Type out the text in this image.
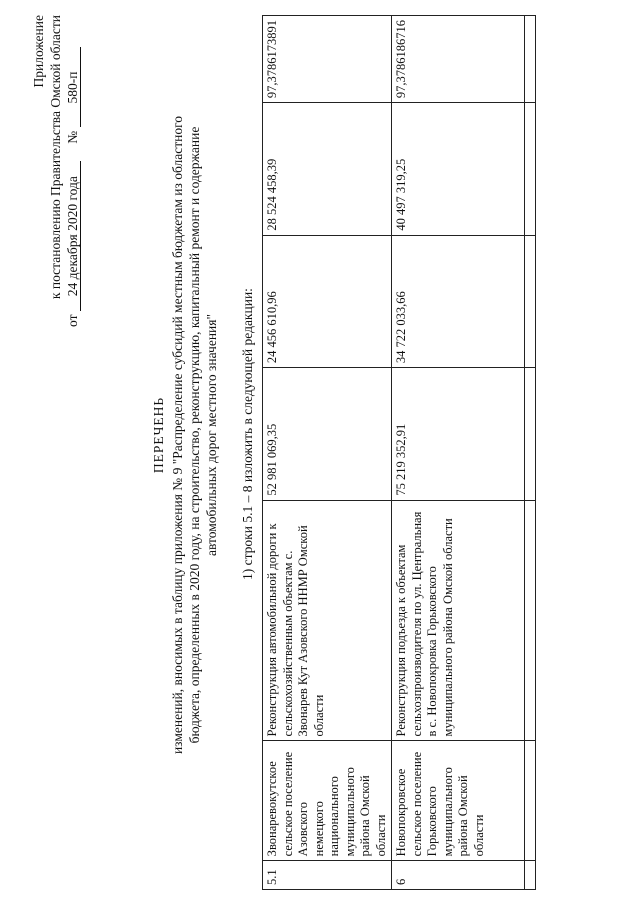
Приложение к постановлению Правительства Омской области
от 24 декабря 2020 года № 580-п
ПЕРЕЧЕНЬ изменений, вносимых в таблицу приложения № 9 "Распределение субсидий местным бюджетам из областного бюджета, определенных в 2020 году, на строительство, реконструкцию, капитальный ремонт и содержание автомобильных дорог местного значения" 1) строки 5.1 – 8 изложить в следующей редакции:
5.1	Звонаревокутское сельское поселение Азовского немецкого национального муниципального района Омской области	Реконструкция автомобильной дороги к сельскохозяйственным объектам с. Звонарев Кут Азовского ННМР Омской области	52 981 069,35	24 456 610,96	28 524 458,39	97,3786173891
6	Новопокровское сельское поселение Горьковского муниципального района Омской области	Реконструкция подъезда к объектам сельхозпроизводителя по ул. Центральная в с. Новопокровка Горьковского муниципального района Омской области	75 219 352,91	34 722 033,66	40 497 319,25	97,3786186716
